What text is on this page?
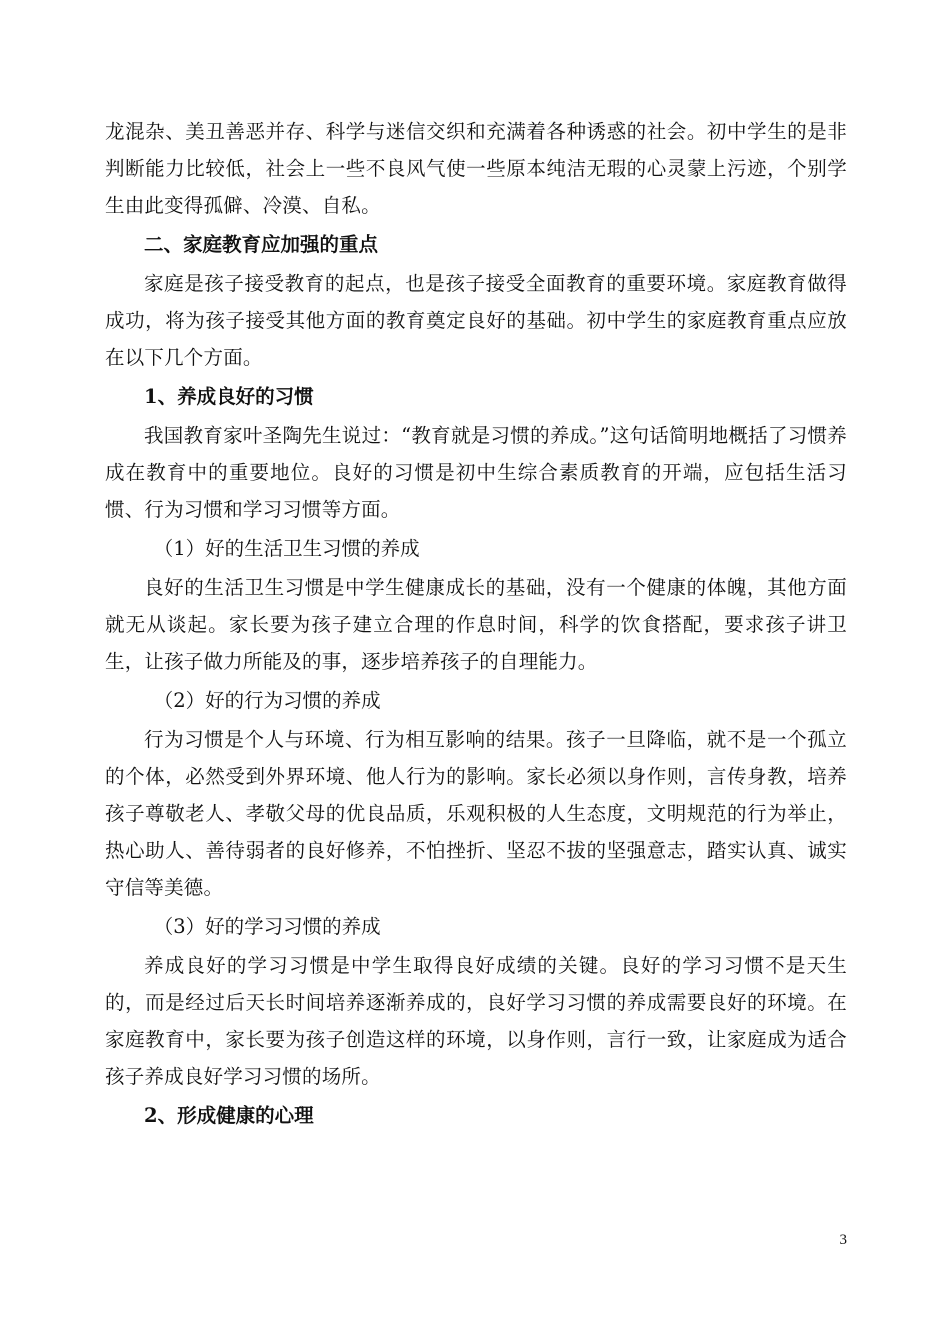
龙混杂、美丑善恶并存、科学与迷信交织和充满着各种诱惑的社会。初中学生的是非判断能力比较低，社会上一些不良风气使一些原本纯洁无瑕的心灵蒙上污迹，个别学生由此变得孤僻、冷漠、自私。

二、家庭教育应加强的重点

家庭是孩子接受教育的起点，也是孩子接受全面教育的重要环境。家庭教育做得成功，将为孩子接受其他方面的教育奠定良好的基础。初中学生的家庭教育重点应放在以下几个方面。

1、养成良好的习惯

我国教育家叶圣陶先生说过：“教育就是习惯的养成。”这句话简明地概括了习惯养成在教育中的重要地位。良好的习惯是初中生综合素质教育的开端，应包括生活习惯、行为习惯和学习习惯等方面。

（1）好的生活卫生习惯的养成

良好的生活卫生习惯是中学生健康成长的基础，没有一个健康的体魄，其他方面就无从谈起。家长要为孩子建立合理的作息时间，科学的饮食搭配，要求孩子讲卫生，让孩子做力所能及的事，逐步培养孩子的自理能力。

（2）好的行为习惯的养成

行为习惯是个人与环境、行为相互影响的结果。孩子一旦降临，就不是一个孤立的个体，必然受到外界环境、他人行为的影响。家长必须以身作则，言传身教，培养孩子尊敬老人、孝敬父母的优良品质，乐观积极的人生态度，文明规范的行为举止，热心助人、善待弱者的良好修养，不怕挫折、坚忍不拔的坚强意志，踏实认真、诚实守信等美德。

（3）好的学习习惯的养成

养成良好的学习习惯是中学生取得良好成绩的关键。良好的学习习惯不是天生的，而是经过后天长时间培养逐渐养成的，良好学习习惯的养成需要良好的环境。在家庭教育中，家长要为孩子创造这样的环境，以身作则，言行一致，让家庭成为适合孩子养成良好学习习惯的场所。

2、形成健康的心理

3
